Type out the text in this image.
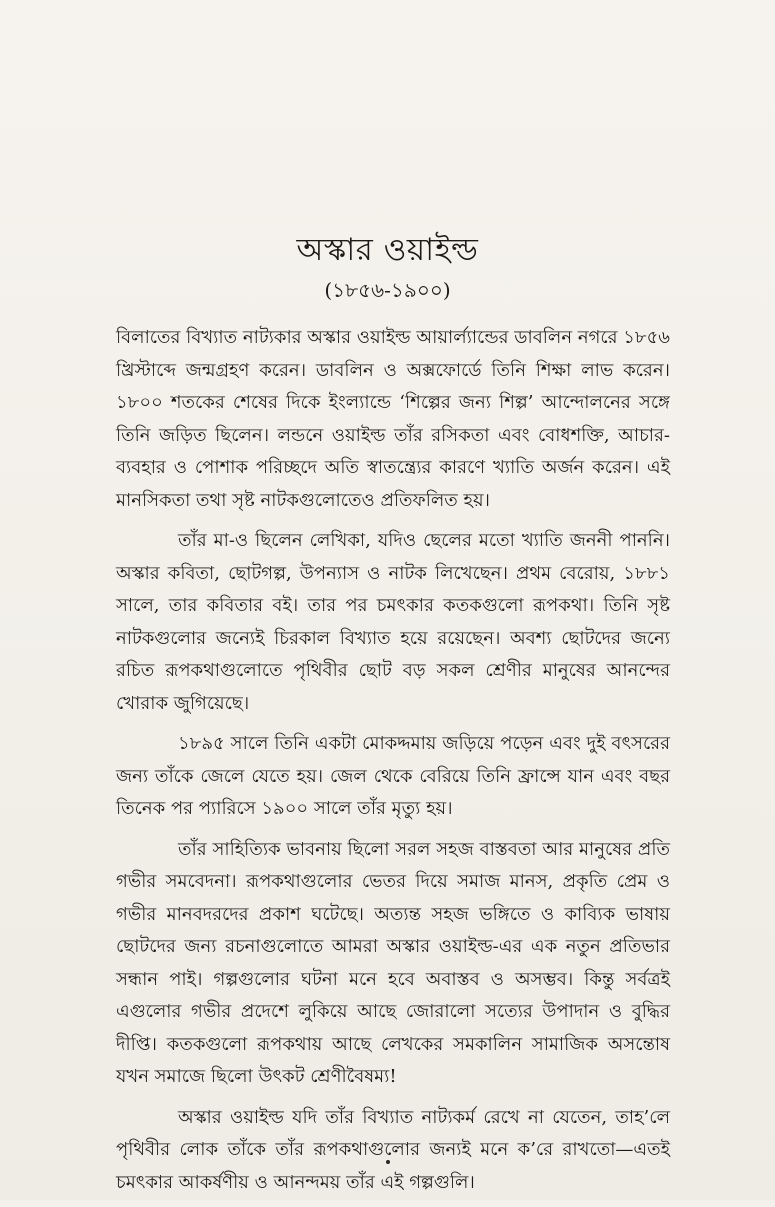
অস্কার ওয়াইল্ড
(১৮৫৬-১৯০০)

বিলাতের বিখ্যাত নাট্যকার অস্কার ওয়াইল্ড আয়ার্ল্যান্ডের ডাবলিন নগরে ১৮৫৬ খ্রিস্টাব্দে জন্মগ্রহণ করেন। ডাবলিন ও অক্সফোর্ডে তিনি শিক্ষা লাভ করেন। ১৮০০ শতকের শেষের দিকে ইংল্যান্ডে ‘শিল্পের জন্য শিল্প’ আন্দোলনের সঙ্গে তিনি জড়িত ছিলেন। লন্ডনে ওয়াইল্ড তাঁর রসিকতা এবং বোধশক্তি, আচার-ব্যবহার ও পোশাক পরিচ্ছদে অতি স্বাতন্ত্র্যের কারণে খ্যাতি অর্জন করেন। এই মানসিকতা তথা সৃষ্ট নাটকগুলোতেও প্রতিফলিত হয়।

তাঁর মা-ও ছিলেন লেখিকা, যদিও ছেলের মতো খ্যাতি জননী পাননি। অস্কার কবিতা, ছোটগল্প, উপন্যাস ও নাটক লিখেছেন। প্রথম বেরোয়, ১৮৮১ সালে, তার কবিতার বই। তার পর চমৎকার কতকগুলো রূপকথা। তিনি সৃষ্ট নাটকগুলোর জন্যেই চিরকাল বিখ্যাত হয়ে রয়েছেন। অবশ্য ছোটদের জন্যে রচিত রূপকথাগুলোতে পৃথিবীর ছোট বড় সকল শ্রেণীর মানুষের আনন্দের খোরাক জুগিয়েছে।

১৮৯৫ সালে তিনি একটা মোকদ্দমায় জড়িয়ে পড়েন এবং দুই বৎসরের জন্য তাঁকে জেলে যেতে হয়। জেল থেকে বেরিয়ে তিনি ফ্রান্সে যান এবং বছর তিনেক পর প্যারিসে ১৯০০ সালে তাঁর মৃত্যু হয়।

তাঁর সাহিত্যিক ভাবনায় ছিলো সরল সহজ বাস্তবতা আর মানুষের প্রতি গভীর সমবেদনা। রূপকথাগুলোর ভেতর দিয়ে সমাজ মানস, প্রকৃতি প্রেম ও গভীর মানবদরদের প্রকাশ ঘটেছে। অত্যন্ত সহজ ভঙ্গিতে ও কাব্যিক ভাষায় ছোটদের জন্য রচনাগুলোতে আমরা অস্কার ওয়াইল্ড-এর এক নতুন প্রতিভার সন্ধান পাই। গল্পগুলোর ঘটনা মনে হবে অবাস্তব ও অসম্ভব। কিন্তু সর্বত্রই এগুলোর গভীর প্রদেশে লুকিয়ে আছে জোরালো সত্যের উপাদান ও বুদ্ধির দীপ্তি। কতকগুলো রূপকথায় আছে লেখকের সমকালিন সামাজিক অসন্তোষ যখন সমাজে ছিলো উৎকট শ্রেণীবৈষম্য!

অস্কার ওয়াইল্ড যদি তাঁর বিখ্যাত নাট্যকর্ম রেখে না যেতেন, তাহ’লে পৃথিবীর লোক তাঁকে তাঁর রূপকথাগুলোর জন্যই মনে ক’রে রাখতো—এতই চমৎকার আকর্ষণীয় ও আনন্দময় তাঁর এই গল্পগুলি।
